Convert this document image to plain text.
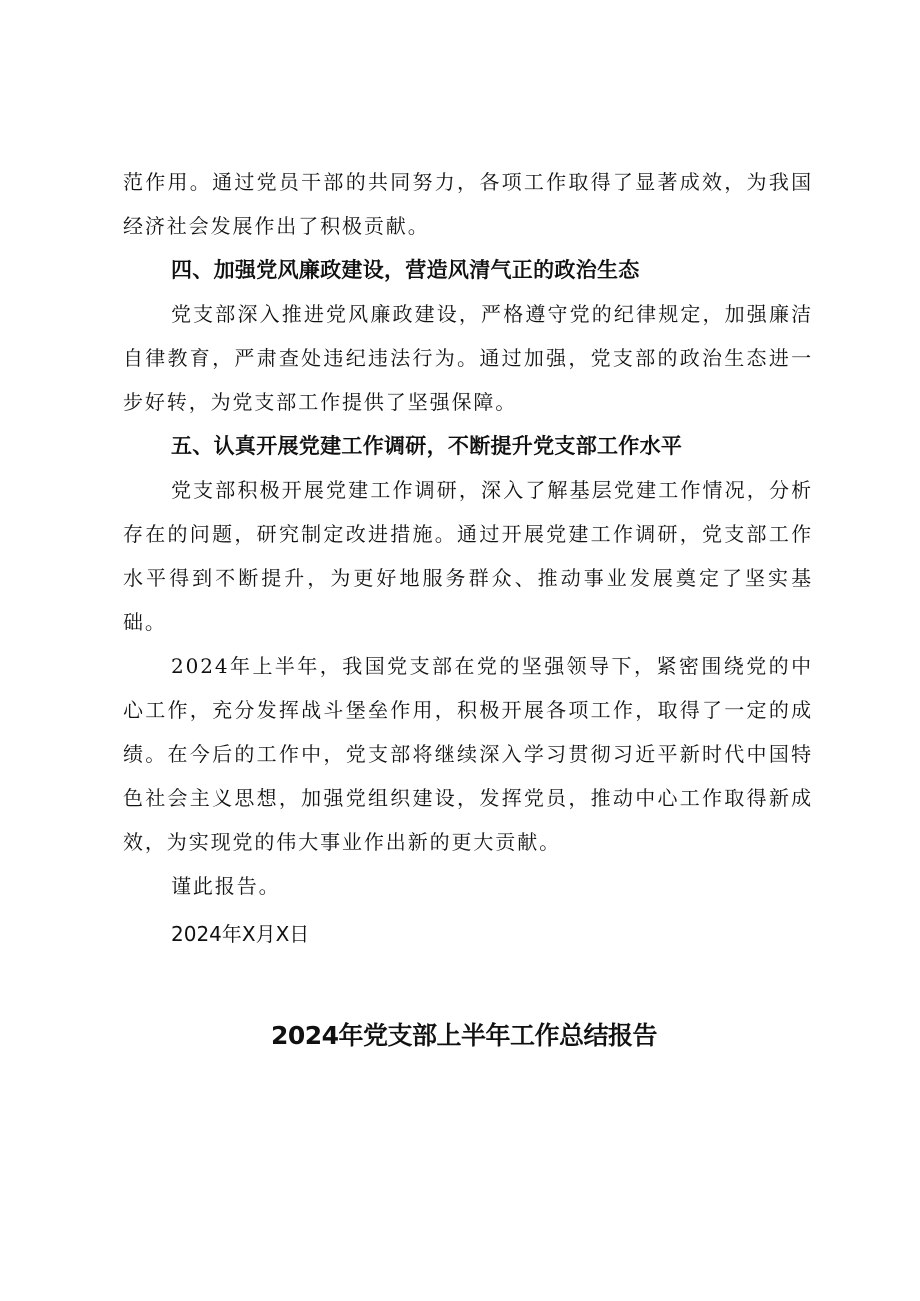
范作用。通过党员干部的共同努力，各项工作取得了显著成效，为我国经济社会发展作出了积极贡献。

四、加强党风廉政建设，营造风清气正的政治生态

党支部深入推进党风廉政建设，严格遵守党的纪律规定，加强廉洁自律教育，严肃查处违纪违法行为。通过加强，党支部的政治生态进一步好转，为党支部工作提供了坚强保障。

五、认真开展党建工作调研，不断提升党支部工作水平

党支部积极开展党建工作调研，深入了解基层党建工作情况，分析存在的问题，研究制定改进措施。通过开展党建工作调研，党支部工作水平得到不断提升，为更好地服务群众、推动事业发展奠定了坚实基础。

2024年上半年，我国党支部在党的坚强领导下，紧密围绕党的中心工作，充分发挥战斗堡垒作用，积极开展各项工作，取得了一定的成绩。在今后的工作中，党支部将继续深入学习贯彻习近平新时代中国特色社会主义思想，加强党组织建设，发挥党员，推动中心工作取得新成效，为实现党的伟大事业作出新的更大贡献。

谨此报告。

2024年X月X日

2024年党支部上半年工作总结报告
